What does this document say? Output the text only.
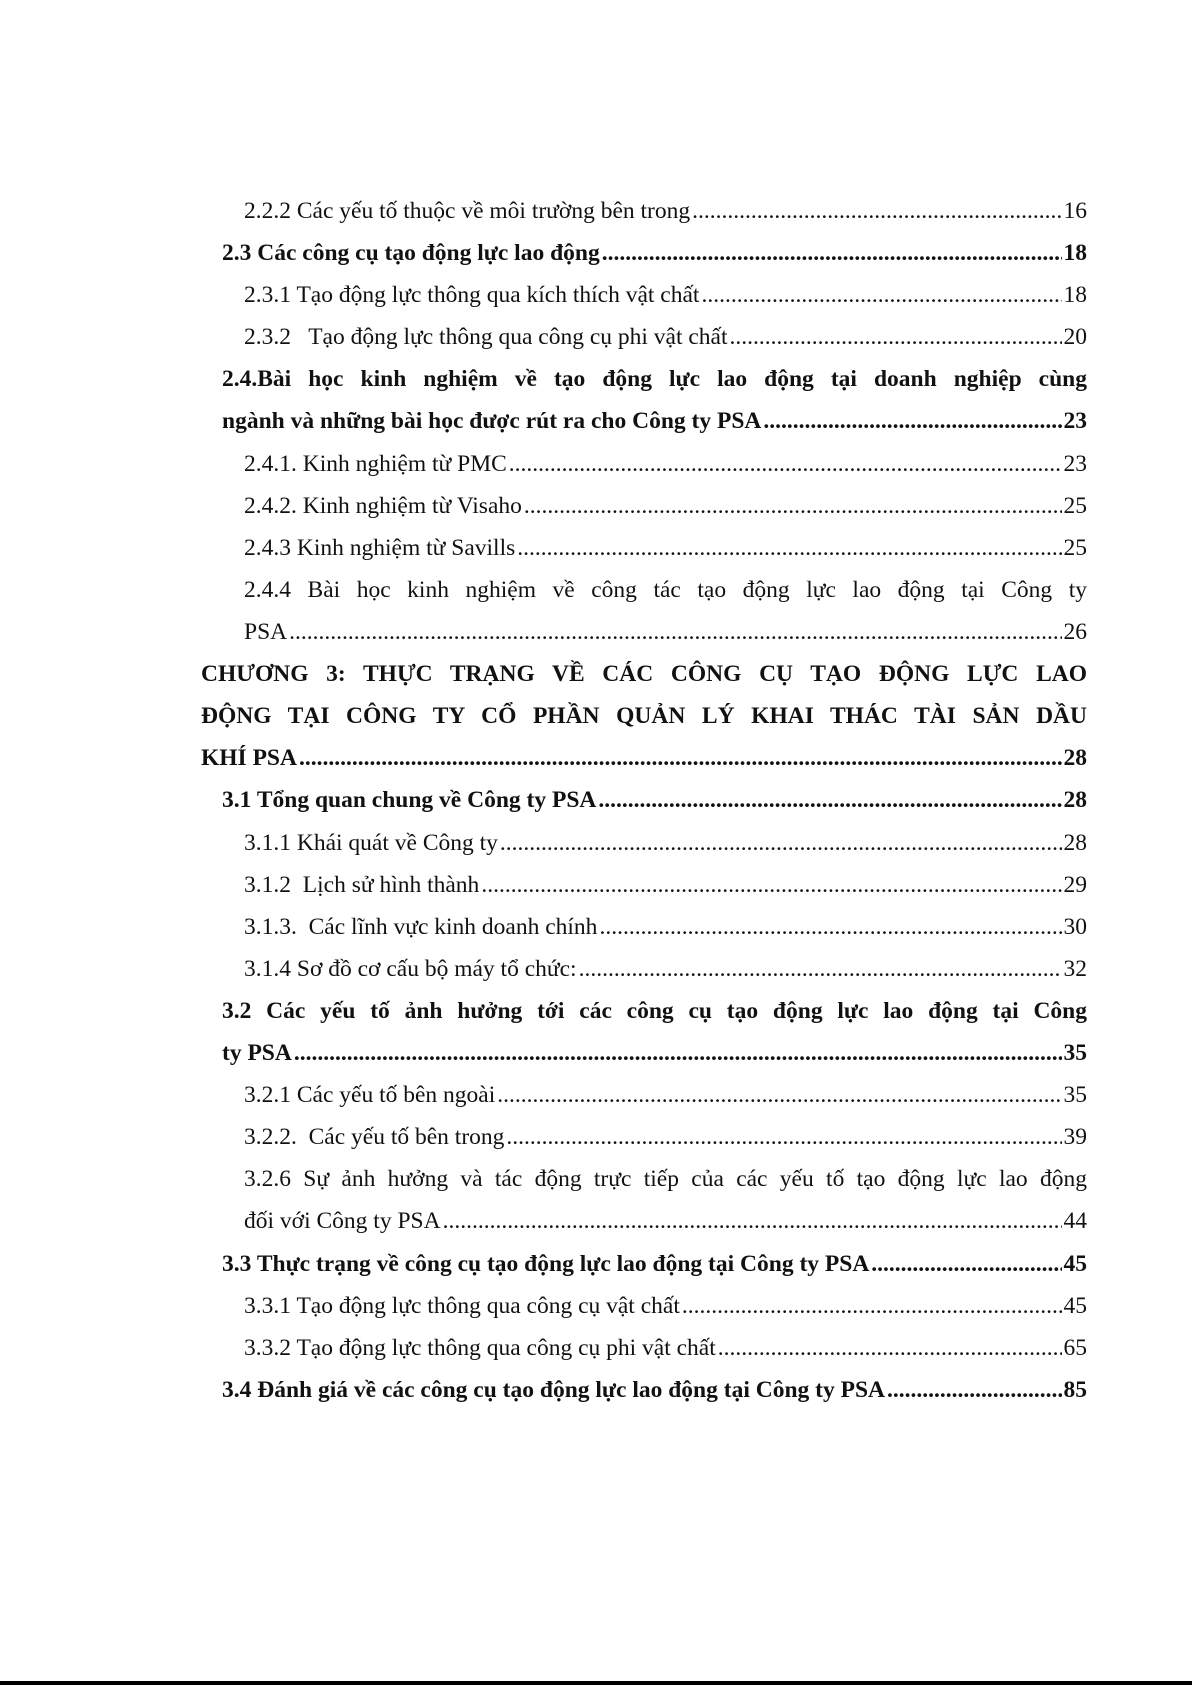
2.2.2 Các yếu tố thuộc về môi trường bên trong .....	16
2.3 Các công cụ tạo động lực lao động .....	18
2.3.1 Tạo động lực thông qua kích thích vật chất .....	18
2.3.2   Tạo động lực thông qua công cụ phi vật chất .....	20
2.4.Bài học kinh nghiệm về tạo động lực lao động tại doanh nghiệp cùng
ngành và những bài học được rút ra cho Công ty PSA .....	23
2.4.1. Kinh nghiệm từ PMC .....	23
2.4.2. Kinh nghiệm từ Visaho .....	25
2.4.3 Kinh nghiệm từ Savills .....	25
2.4.4 Bài học kinh nghiệm về công tác tạo động lực lao động tại Công ty
PSA .....	26
CHƯƠNG 3: THỰC TRẠNG VỀ CÁC CÔNG CỤ TẠO ĐỘNG LỰC LAO
ĐỘNG TẠI CÔNG TY CỔ PHẦN QUẢN LÝ KHAI THÁC TÀI SẢN DẦU
KHÍ PSA .....	28
3.1 Tổng quan chung về Công ty PSA .....	28
3.1.1 Khái quát về Công ty .....	28
3.1.2  Lịch sử hình thành .....	29
3.1.3.  Các lĩnh vực kinh doanh chính .....	30
3.1.4 Sơ đồ cơ cấu bộ máy tổ chức: .....	32
3.2 Các yếu tố ảnh hưởng tới các công cụ tạo động lực lao động tại Công
ty PSA .....	35
3.2.1 Các yếu tố bên ngoài .....	35
3.2.2.  Các yếu tố bên trong .....	39
3.2.6 Sự ảnh hưởng và tác động trực tiếp của các yếu tố tạo động lực lao động
đối với Công ty PSA .....	44
3.3 Thực trạng về công cụ tạo động lực lao động tại Công ty PSA .....	45
3.3.1 Tạo động lực thông qua công cụ vật chất .....	45
3.3.2 Tạo động lực thông qua công cụ phi vật chất .....	65
3.4 Đánh giá về các công cụ tạo động lực lao động tại Công ty PSA .....	85
